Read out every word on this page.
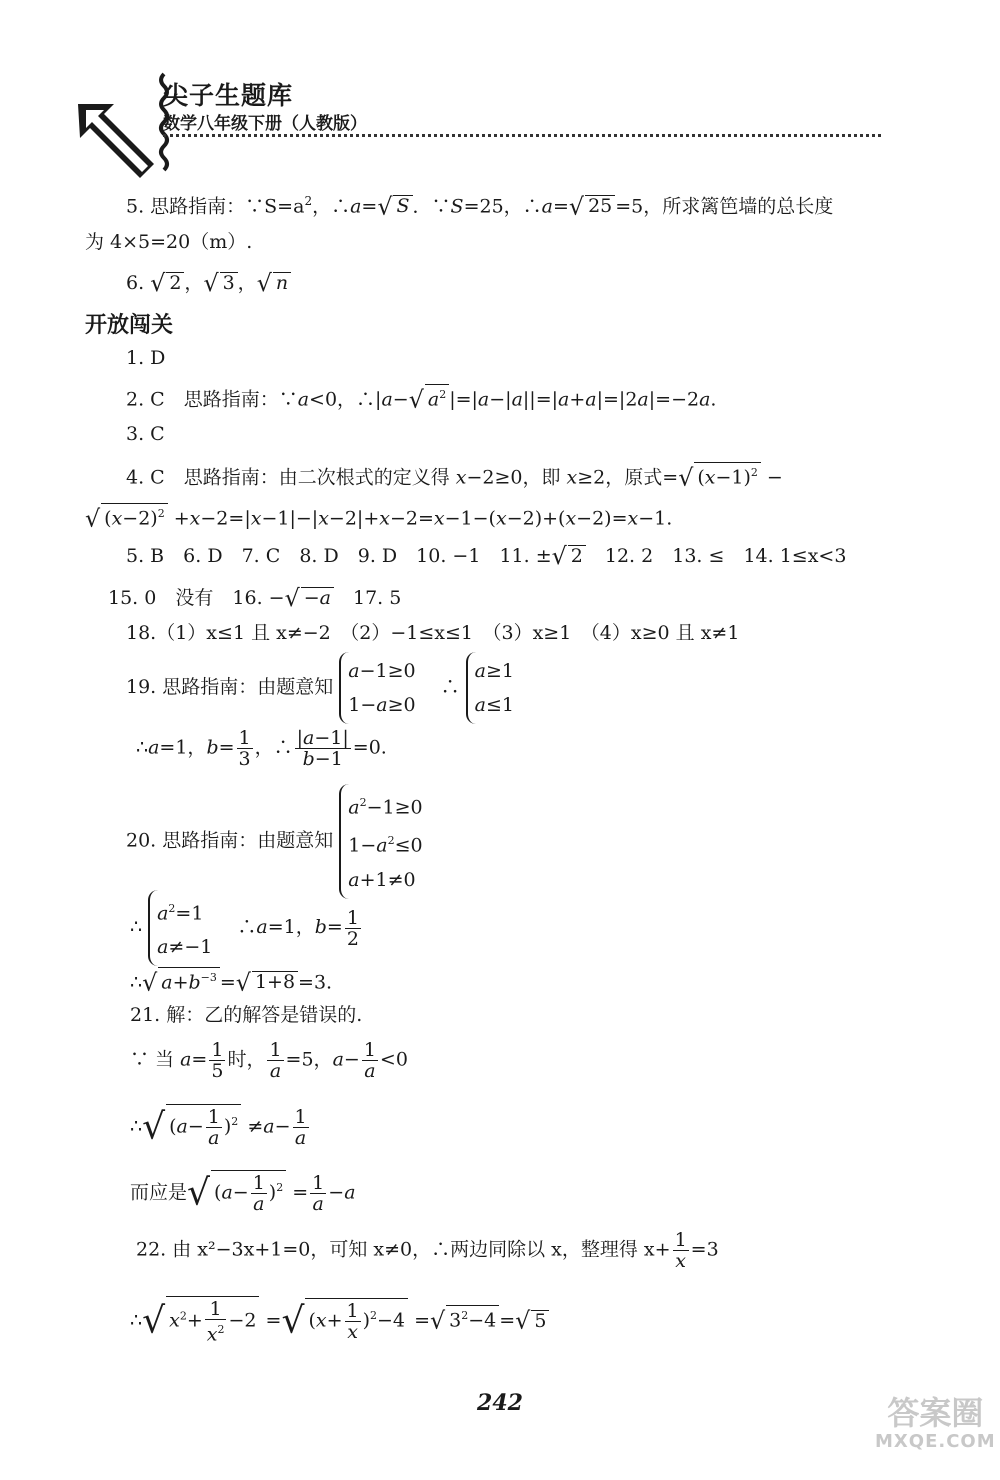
尖子生题库
数学八年级下册（人教版）
5. 思路指南：$\because S=a^2$，∴a=√ S ．∵S=25，∴a=√ 25 =5，所求篱笆墙的总长度
为 4×5=20（m）.
6. √ 2 ，√ 3 ，√ n
开放闯关
1. D
2. C　思路指南：∵a<0，∴|a−√ $a^2$ |=|a−|a||=|a+a|=|2a|=−2a.
3. C
4. C　思路指南：由二次根式的定义得 x−2≥0，即 x≥2，原式=√ $(x-1)^2$ −
√ $(x-2)^2 +x-2=|x-1|-|x-2|+x-2=x-1-(x-2)+(x-2)=x-1$.
5. B　 6. D　 7. C　 8. D　 9. D　 10. −1　 11. ±√ 2　 12. 2　 13. ≤　 14. 1≤x<3
15. 0　 没有　 16. −√ −a　 17. 5
18.（1）x≤1 且 x≠−2　（2）−1≤x≤1　（3）x≥1　（4）x≥0 且 x≠1
19. 思路指南：由题意知
a−1≥0
1−a≥0
　∴
a≥1
a≤1
∴a=1，$b= \frac{1}{3}$ ，∴ $\frac{|a-1|}{b-1} =0$.
20. 思路指南：由题意知
$a^2-1\ge 0$
$1-a^2\le 0$
a+1≠0
∴
$a^2=1$
a≠−1
　∴a=1，$b= \frac{1}{2}$
∴√ $a+b^{-3}$ =√ 1+8 =3.
21. 解：乙的解答是错误的.
∵ 当 $a= \frac{1}{5}$ 时， $\frac{1}{a} =5$，$a- \frac{1}{a} <0$
∴√ $(a- \frac{1}{a} )^2 \ne a- \frac{1}{a}$
而应是√ $(a- \frac{1}{a} )^2 = \frac{1}{a} -a$
22. 由 x²−3x+1=0，可知 x≠0，∴两边同除以 x，整理得 $x+ \frac{1}{x} =3$
∴√ $x^2+ \frac{1}{x^2} -2$ =√ $(x+ \frac{1}{x} )^2-4$ =√ $3^2-4$ =√ 5
242	答案圈
MXQE.COM
